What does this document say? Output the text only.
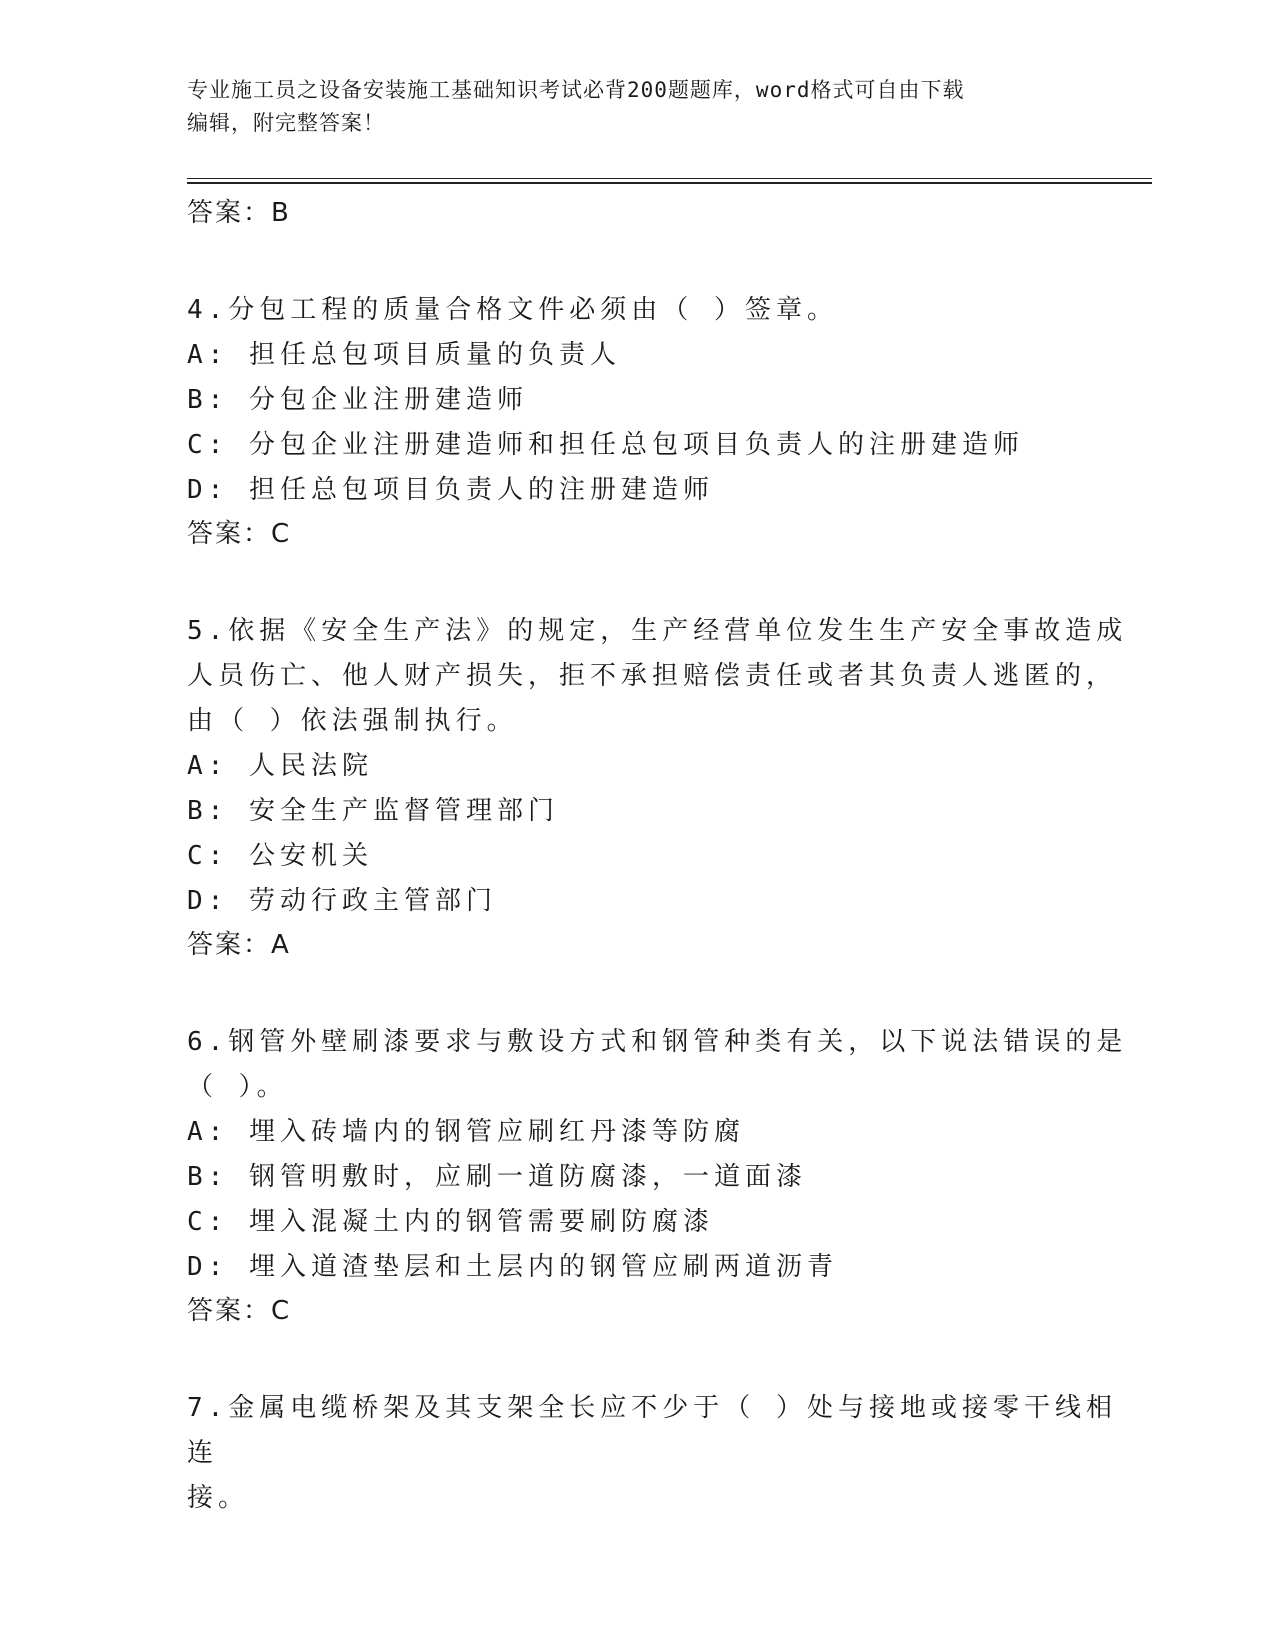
专业施工员之设备安装施工基础知识考试必背200题题库，word格式可自由下载
编辑，附完整答案！

答案：B

4.分包工程的质量合格文件必须由（ ）签章。

A: 担任总包项目质量的负责人

B: 分包企业注册建造师

C: 分包企业注册建造师和担任总包项目负责人的注册建造师

D: 担任总包项目负责人的注册建造师

答案：C

5.依据《安全生产法》的规定，生产经营单位发生生产安全事故造成

人员伤亡、他人财产损失，拒不承担赔偿责任或者其负责人逃匿的，

由（ ）依法强制执行。

A: 人民法院

B: 安全生产监督管理部门

C: 公安机关

D: 劳动行政主管部门

答案：A

6.钢管外壁刷漆要求与敷设方式和钢管种类有关，以下说法错误的是

（ ）。

A: 埋入砖墙内的钢管应刷红丹漆等防腐

B: 钢管明敷时，应刷一道防腐漆，一道面漆

C: 埋入混凝土内的钢管需要刷防腐漆

D: 埋入道渣垫层和土层内的钢管应刷两道沥青

答案：C

7.金属电缆桥架及其支架全长应不少于（ ）处与接地或接零干线相连

接。
